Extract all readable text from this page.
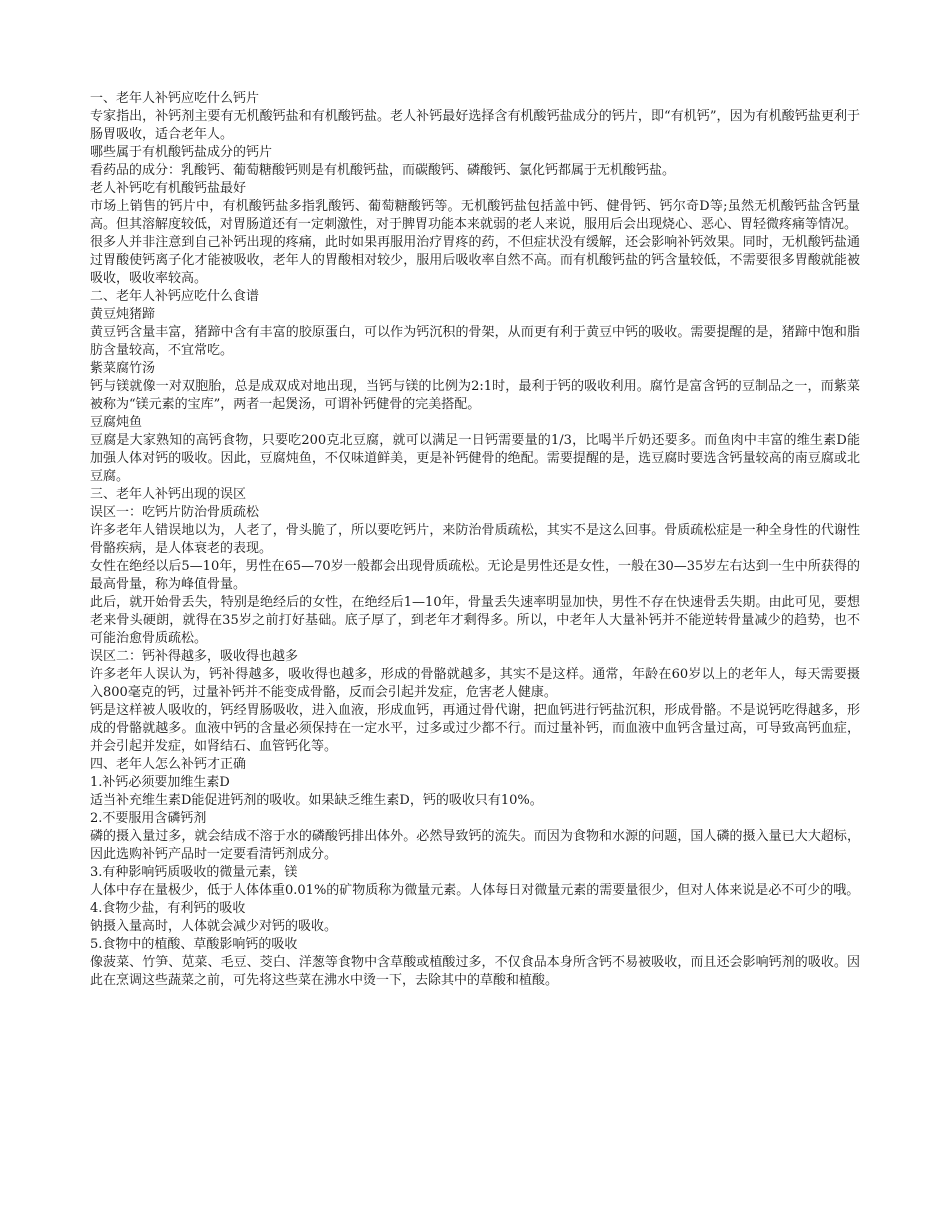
一、老年人补钙应吃什么钙片

专家指出，补钙剂主要有无机酸钙盐和有机酸钙盐。老人补钙最好选择含有机酸钙盐成分的钙片，即“有机钙”，因为有机酸钙盐更利于肠胃吸收，适合老年人。

哪些属于有机酸钙盐成分的钙片

看药品的成分：乳酸钙、葡萄糖酸钙则是有机酸钙盐，而碳酸钙、磷酸钙、氯化钙都属于无机酸钙盐。

老人补钙吃有机酸钙盐最好

市场上销售的钙片中，有机酸钙盐多指乳酸钙、葡萄糖酸钙等。无机酸钙盐包括盖中钙、健骨钙、钙尔奇D等;虽然无机酸钙盐含钙量高。但其溶解度较低，对胃肠道还有一定刺激性，对于脾胃功能本来就弱的老人来说，服用后会出现烧心、恶心、胃轻微疼痛等情况。

很多人并非注意到自己补钙出现的疼痛，此时如果再服用治疗胃疼的药，不但症状没有缓解，还会影响补钙效果。同时，无机酸钙盐通过胃酸使钙离子化才能被吸收，老年人的胃酸相对较少，服用后吸收率自然不高。而有机酸钙盐的钙含量较低，不需要很多胃酸就能被吸收，吸收率较高。

二、老年人补钙应吃什么食谱

黄豆炖猪蹄

黄豆钙含量丰富，猪蹄中含有丰富的胶原蛋白，可以作为钙沉积的骨架，从而更有利于黄豆中钙的吸收。需要提醒的是，猪蹄中饱和脂肪含量较高，不宜常吃。

紫菜腐竹汤

钙与镁就像一对双胞胎，总是成双成对地出现，当钙与镁的比例为2:1时，最利于钙的吸收利用。腐竹是富含钙的豆制品之一，而紫菜被称为“镁元素的宝库”，两者一起煲汤，可谓补钙健骨的完美搭配。

豆腐炖鱼

豆腐是大家熟知的高钙食物，只要吃200克北豆腐，就可以满足一日钙需要量的1/3，比喝半斤奶还要多。而鱼肉中丰富的维生素D能加强人体对钙的吸收。因此，豆腐炖鱼，不仅味道鲜美，更是补钙健骨的绝配。需要提醒的是，选豆腐时要选含钙量较高的南豆腐或北豆腐。

三、老年人补钙出现的误区

误区一：吃钙片防治骨质疏松

许多老年人错误地以为，人老了，骨头脆了，所以要吃钙片，来防治骨质疏松，其实不是这么回事。骨质疏松症是一种全身性的代谢性骨骼疾病，是人体衰老的表现。

女性在绝经以后5—10年，男性在65—70岁一般都会出现骨质疏松。无论是男性还是女性，一般在30—35岁左右达到一生中所获得的最高骨量，称为峰值骨量。

此后，就开始骨丢失，特别是绝经后的女性，在绝经后1—10年，骨量丢失速率明显加快，男性不存在快速骨丢失期。由此可见，要想老来骨头硬朗，就得在35岁之前打好基础。底子厚了，到老年才剩得多。所以，中老年人大量补钙并不能逆转骨量减少的趋势，也不可能治愈骨质疏松。

误区二：钙补得越多，吸收得也越多

许多老年人误认为，钙补得越多，吸收得也越多，形成的骨骼就越多，其实不是这样。通常，年龄在60岁以上的老年人，每天需要摄入800毫克的钙，过量补钙并不能变成骨骼，反而会引起并发症，危害老人健康。

钙是这样被人吸收的，钙经胃肠吸收，进入血液，形成血钙，再通过骨代谢，把血钙进行钙盐沉积，形成骨骼。不是说钙吃得越多，形成的骨骼就越多。血液中钙的含量必须保持在一定水平，过多或过少都不行。而过量补钙，而血液中血钙含量过高，可导致高钙血症，并会引起并发症，如肾结石、血管钙化等。

四、老年人怎么补钙才正确

1.补钙必须要加维生素D

适当补充维生素D能促进钙剂的吸收。如果缺乏维生素D，钙的吸收只有10%。

2.不要服用含磷钙剂

磷的摄入量过多，就会结成不溶于水的磷酸钙排出体外。必然导致钙的流失。而因为食物和水源的问题，国人磷的摄入量已大大超标，因此选购补钙产品时一定要看清钙剂成分。

3.有种影响钙质吸收的微量元素，镁

人体中存在量极少，低于人体体重0.01%的矿物质称为微量元素。人体每日对微量元素的需要量很少，但对人体来说是必不可少的哦。

4.食物少盐，有利钙的吸收

钠摄入量高时，人体就会减少对钙的吸收。

5.食物中的植酸、草酸影响钙的吸收

像菠菜、竹笋、苋菜、毛豆、茭白、洋葱等食物中含草酸或植酸过多，不仅食品本身所含钙不易被吸收，而且还会影响钙剂的吸收。因此在烹调这些蔬菜之前，可先将这些菜在沸水中烫一下，去除其中的草酸和植酸。
